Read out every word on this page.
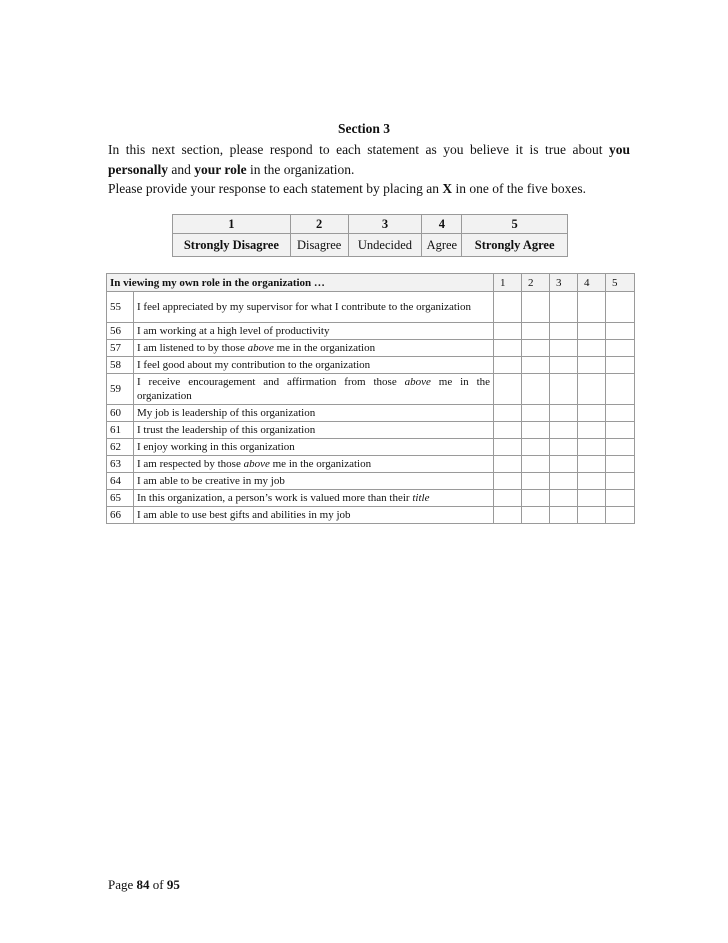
Section 3

In this next section, please respond to each statement as you believe it is true about you

personally and your role in the organization.

Please provide your response to each statement by placing an X in one of the five boxes.

1	2	3	4	5
Strongly Disagree	Disagree	Undecided	Agree	Strongly Agree
In viewing my own role in the organization …		1	2	3	4	5
55	I feel appreciated by my supervisor for what I contribute to the organization					
56	I am working at a high level of productivity					
57	I am listened to by those above me in the organization					
58	I feel good about my contribution to the organization					
59	I receive encouragement and affirmation from those above me in the organization					
60	My job is leadership of this organization					
61	I trust the leadership of this organization					
62	I enjoy working in this organization					
63	I am respected by those above me in the organization					
64	I am able to be creative in my job					
65	In this organization, a person’s work is valued more than their title					
66	I am able to use best gifts and abilities in my job					
Page 84 of 95
